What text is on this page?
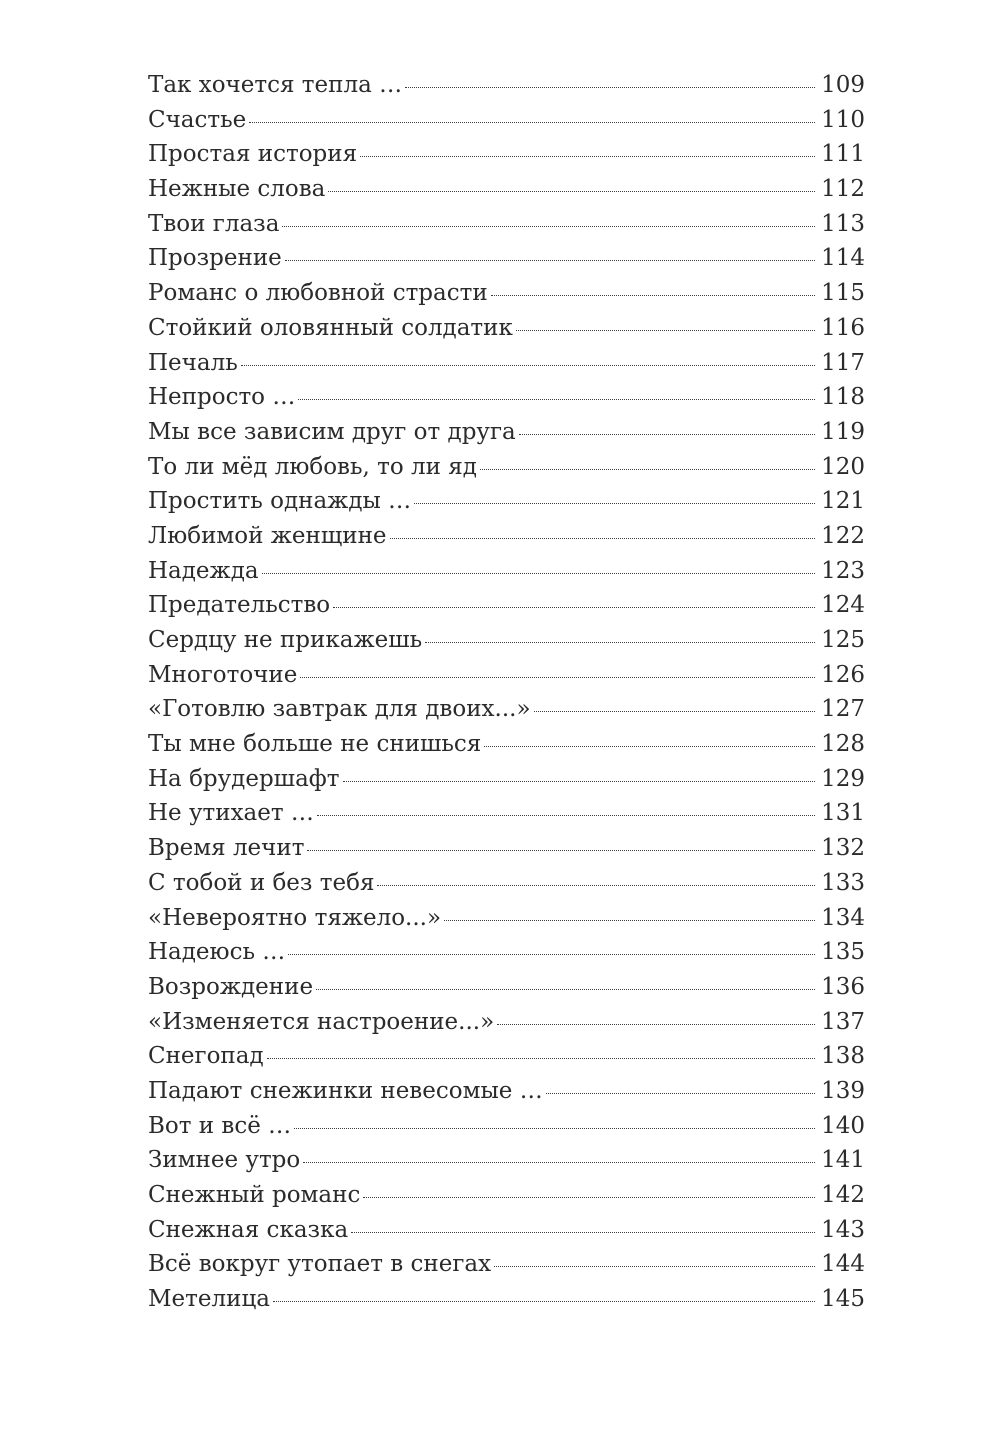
Так хочется тепла …	109
Счастье	110
Простая история	111
Нежные слова	112
Твои глаза	113
Прозрение	114
Романс о любовной страсти	115
Стойкий оловянный солдатик	116
Печаль	117
Непросто …	118
Мы все зависим друг от друга	119
То ли мёд любовь, то ли яд	120
Простить однажды …	121
Любимой женщине	122
Надежда	123
Предательство	124
Сердцу не прикажешь	125
Многоточие	126
«Готовлю завтрак для двоих...»	127
Ты мне больше не снишься	128
На брудершафт	129
Не утихает …	131
Время лечит	132
С тобой и без тебя	133
«Невероятно тяжело...»	134
Надеюсь …	135
Возрождение	136
«Изменяется настроение...»	137
Снегопад	138
Падают снежинки невесомые …	139
Вот и всё …	140
Зимнее утро	141
Снежный романс	142
Снежная сказка	143
Всё вокруг утопает в снегах	144
Метелица	145
